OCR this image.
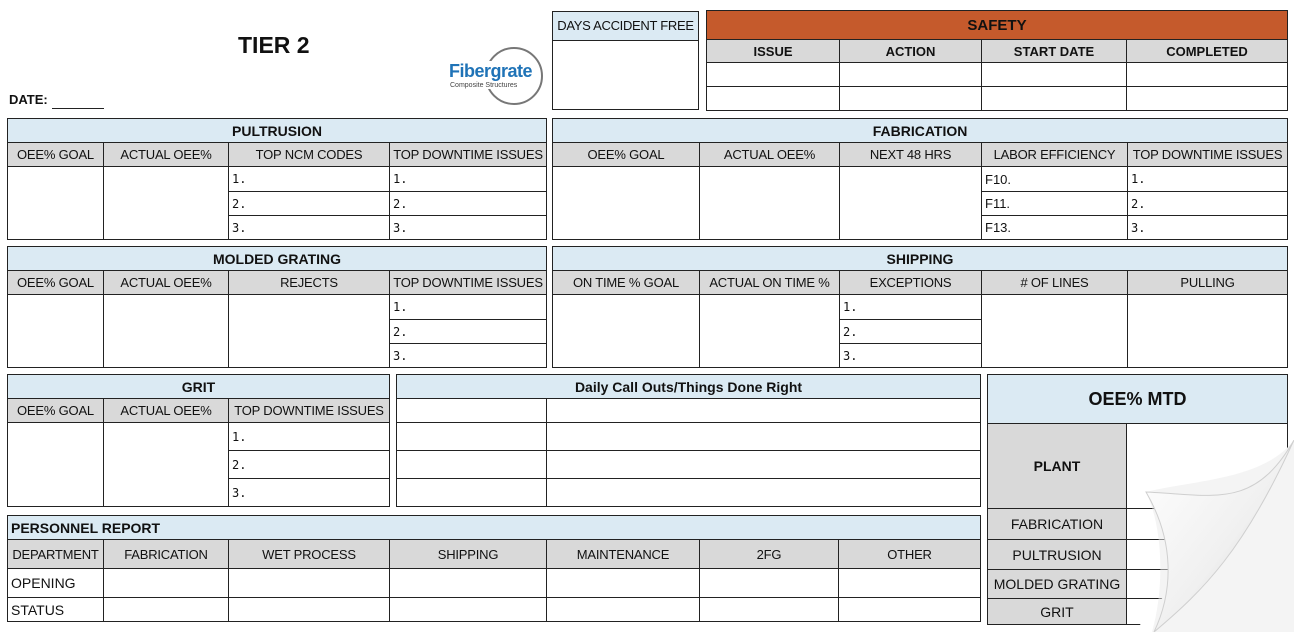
TIER 2
DATE:
Fibergrate
Composite Structures
DAYS ACCIDENT FREE	SAFETY			
ISSUE	ACTION	START DATE	COMPLETED

PULTRUSION			
OEE% GOAL	ACTUAL OEE%	TOP NCM CODES	TOP DOWNTIME ISSUES
		1.	1.
		2.	2.
		3.	3.
FABRICATION				
OEE% GOAL	ACTUAL OEE%	NEXT 48 HRS	LABOR EFFICIENCY	TOP DOWNTIME ISSUES
			F10.	1.
			F11.	2.
			F13.	3.
MOLDED GRATING			
OEE% GOAL	ACTUAL OEE%	REJECTS	TOP DOWNTIME ISSUES
			1.
			2.
			3.
SHIPPING				
ON TIME % GOAL	ACTUAL ON TIME %	EXCEPTIONS	# OF LINES	PULLING
		1.		
		2.		
		3.		
GRIT		
OEE% GOAL	ACTUAL OEE%	TOP DOWNTIME ISSUES
		1.
		2.
		3.
Daily Call Outs/Things Done Right	

OEE% MTD	
PLANT	
FABRICATION	
PULTRUSION	
MOLDED GRATING	
GRIT	
PERSONNEL REPORT						
DEPARTMENT	FABRICATION	WET PROCESS	SHIPPING	MAINTENANCE	2FG	OTHER
OPENING						
STATUS						
